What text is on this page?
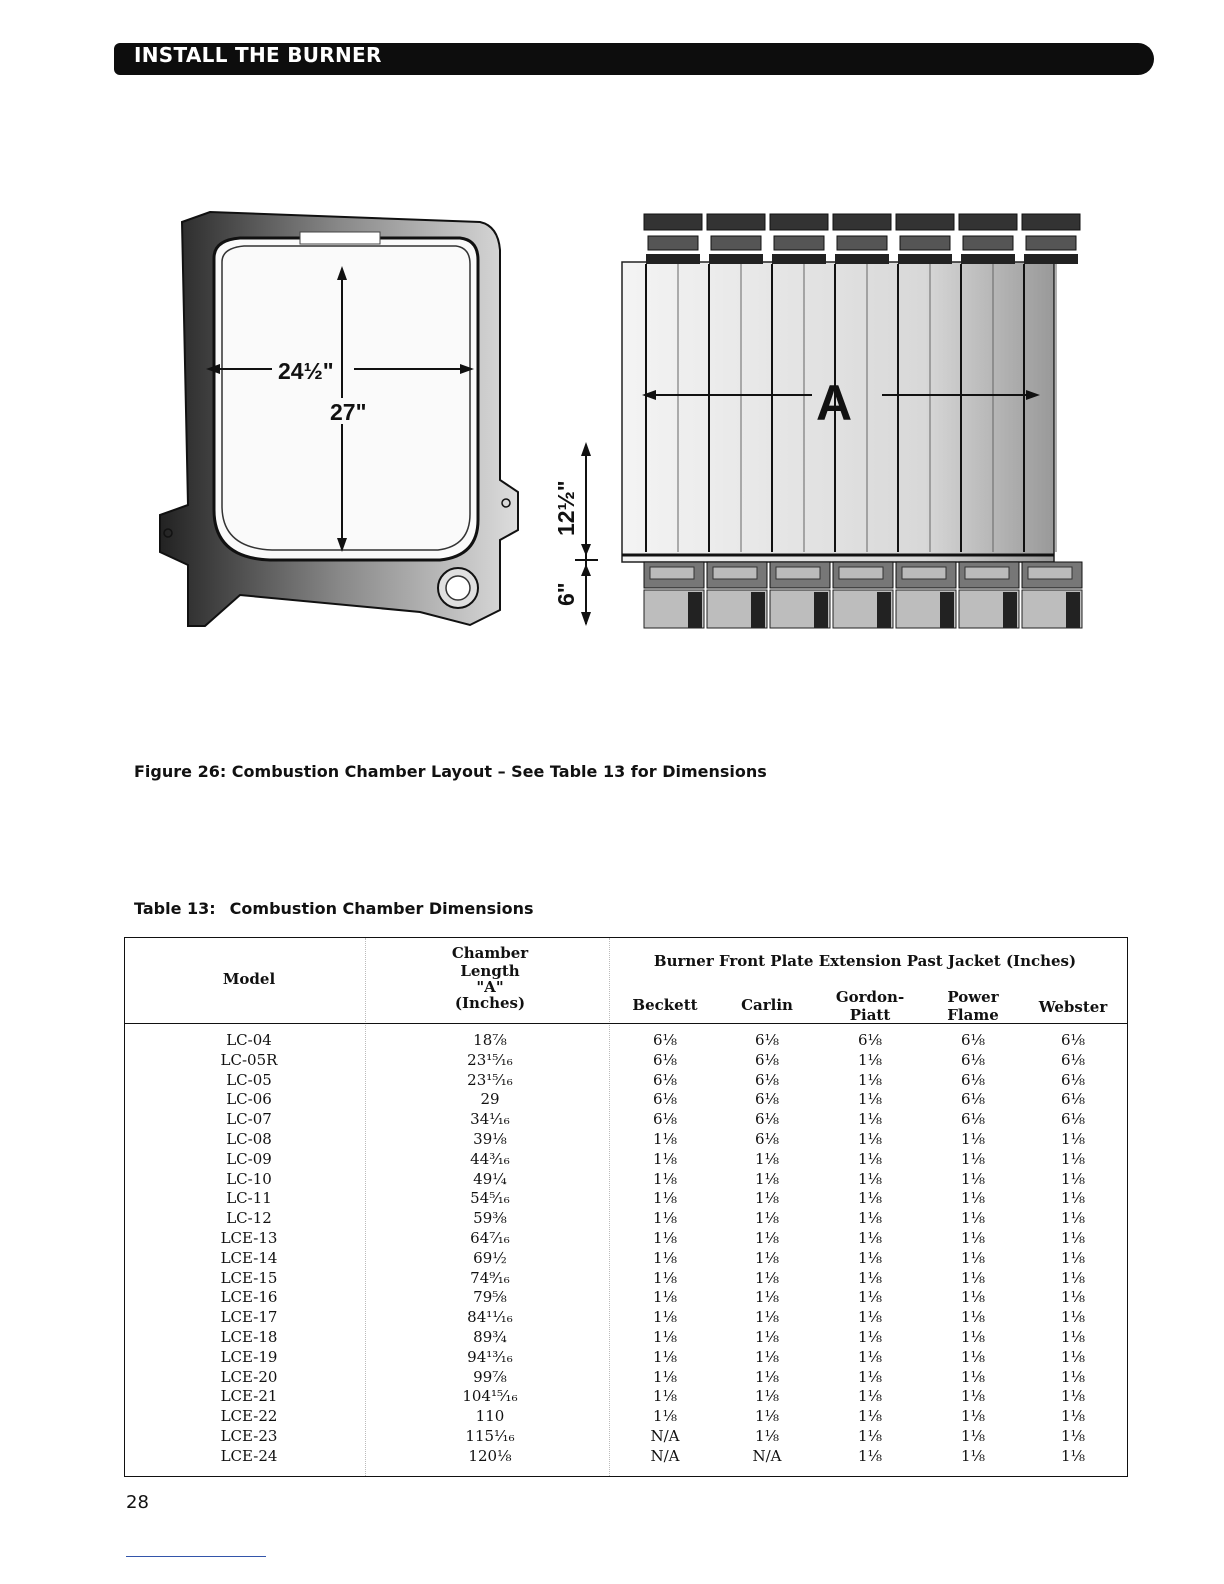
INSTALL THE BURNER
24½"
27"
12½"
6"
A
Figure 26: Combustion Chamber Layout – See Table 13 for Dimensions
Table 13: Combustion Chamber Dimensions
Model
Chamber
Length
"A"
(Inches)
Burner Front Plate Extension Past Jacket (Inches)
Beckett	Carlin	Gordon-
Piatt
Power
Flame	Webster
LC-04	18⅞	6⅛	6⅛	6⅛	6⅛	6⅛
LC-05R	23¹⁵⁄₁₆	6⅛	6⅛	1⅛	6⅛	6⅛
LC-05	23¹⁵⁄₁₆	6⅛	6⅛	1⅛	6⅛	6⅛
LC-06	29	6⅛	6⅛	1⅛	6⅛	6⅛
LC-07	34¹⁄₁₆	6⅛	6⅛	1⅛	6⅛	6⅛
LC-08	39⅛	1⅛	6⅛	1⅛	1⅛	1⅛
LC-09	44³⁄₁₆	1⅛	1⅛	1⅛	1⅛	1⅛
LC-10	49¼	1⅛	1⅛	1⅛	1⅛	1⅛
LC-11	54⁵⁄₁₆	1⅛	1⅛	1⅛	1⅛	1⅛
LC-12	59⅜	1⅛	1⅛	1⅛	1⅛	1⅛
LCE-13	64⁷⁄₁₆	1⅛	1⅛	1⅛	1⅛	1⅛
LCE-14	69½	1⅛	1⅛	1⅛	1⅛	1⅛
LCE-15	74⁹⁄₁₆	1⅛	1⅛	1⅛	1⅛	1⅛
LCE-16	79⅝	1⅛	1⅛	1⅛	1⅛	1⅛
LCE-17	84¹¹⁄₁₆	1⅛	1⅛	1⅛	1⅛	1⅛
LCE-18	89¾	1⅛	1⅛	1⅛	1⅛	1⅛
LCE-19	94¹³⁄₁₆	1⅛	1⅛	1⅛	1⅛	1⅛
LCE-20	99⅞	1⅛	1⅛	1⅛	1⅛	1⅛
LCE-21	104¹⁵⁄₁₆	1⅛	1⅛	1⅛	1⅛	1⅛
LCE-22	110	1⅛	1⅛	1⅛	1⅛	1⅛
LCE-23	115¹⁄₁₆	N/A	1⅛	1⅛	1⅛	1⅛
LCE-24	120⅛	N/A	N/A	1⅛	1⅛	1⅛
28
